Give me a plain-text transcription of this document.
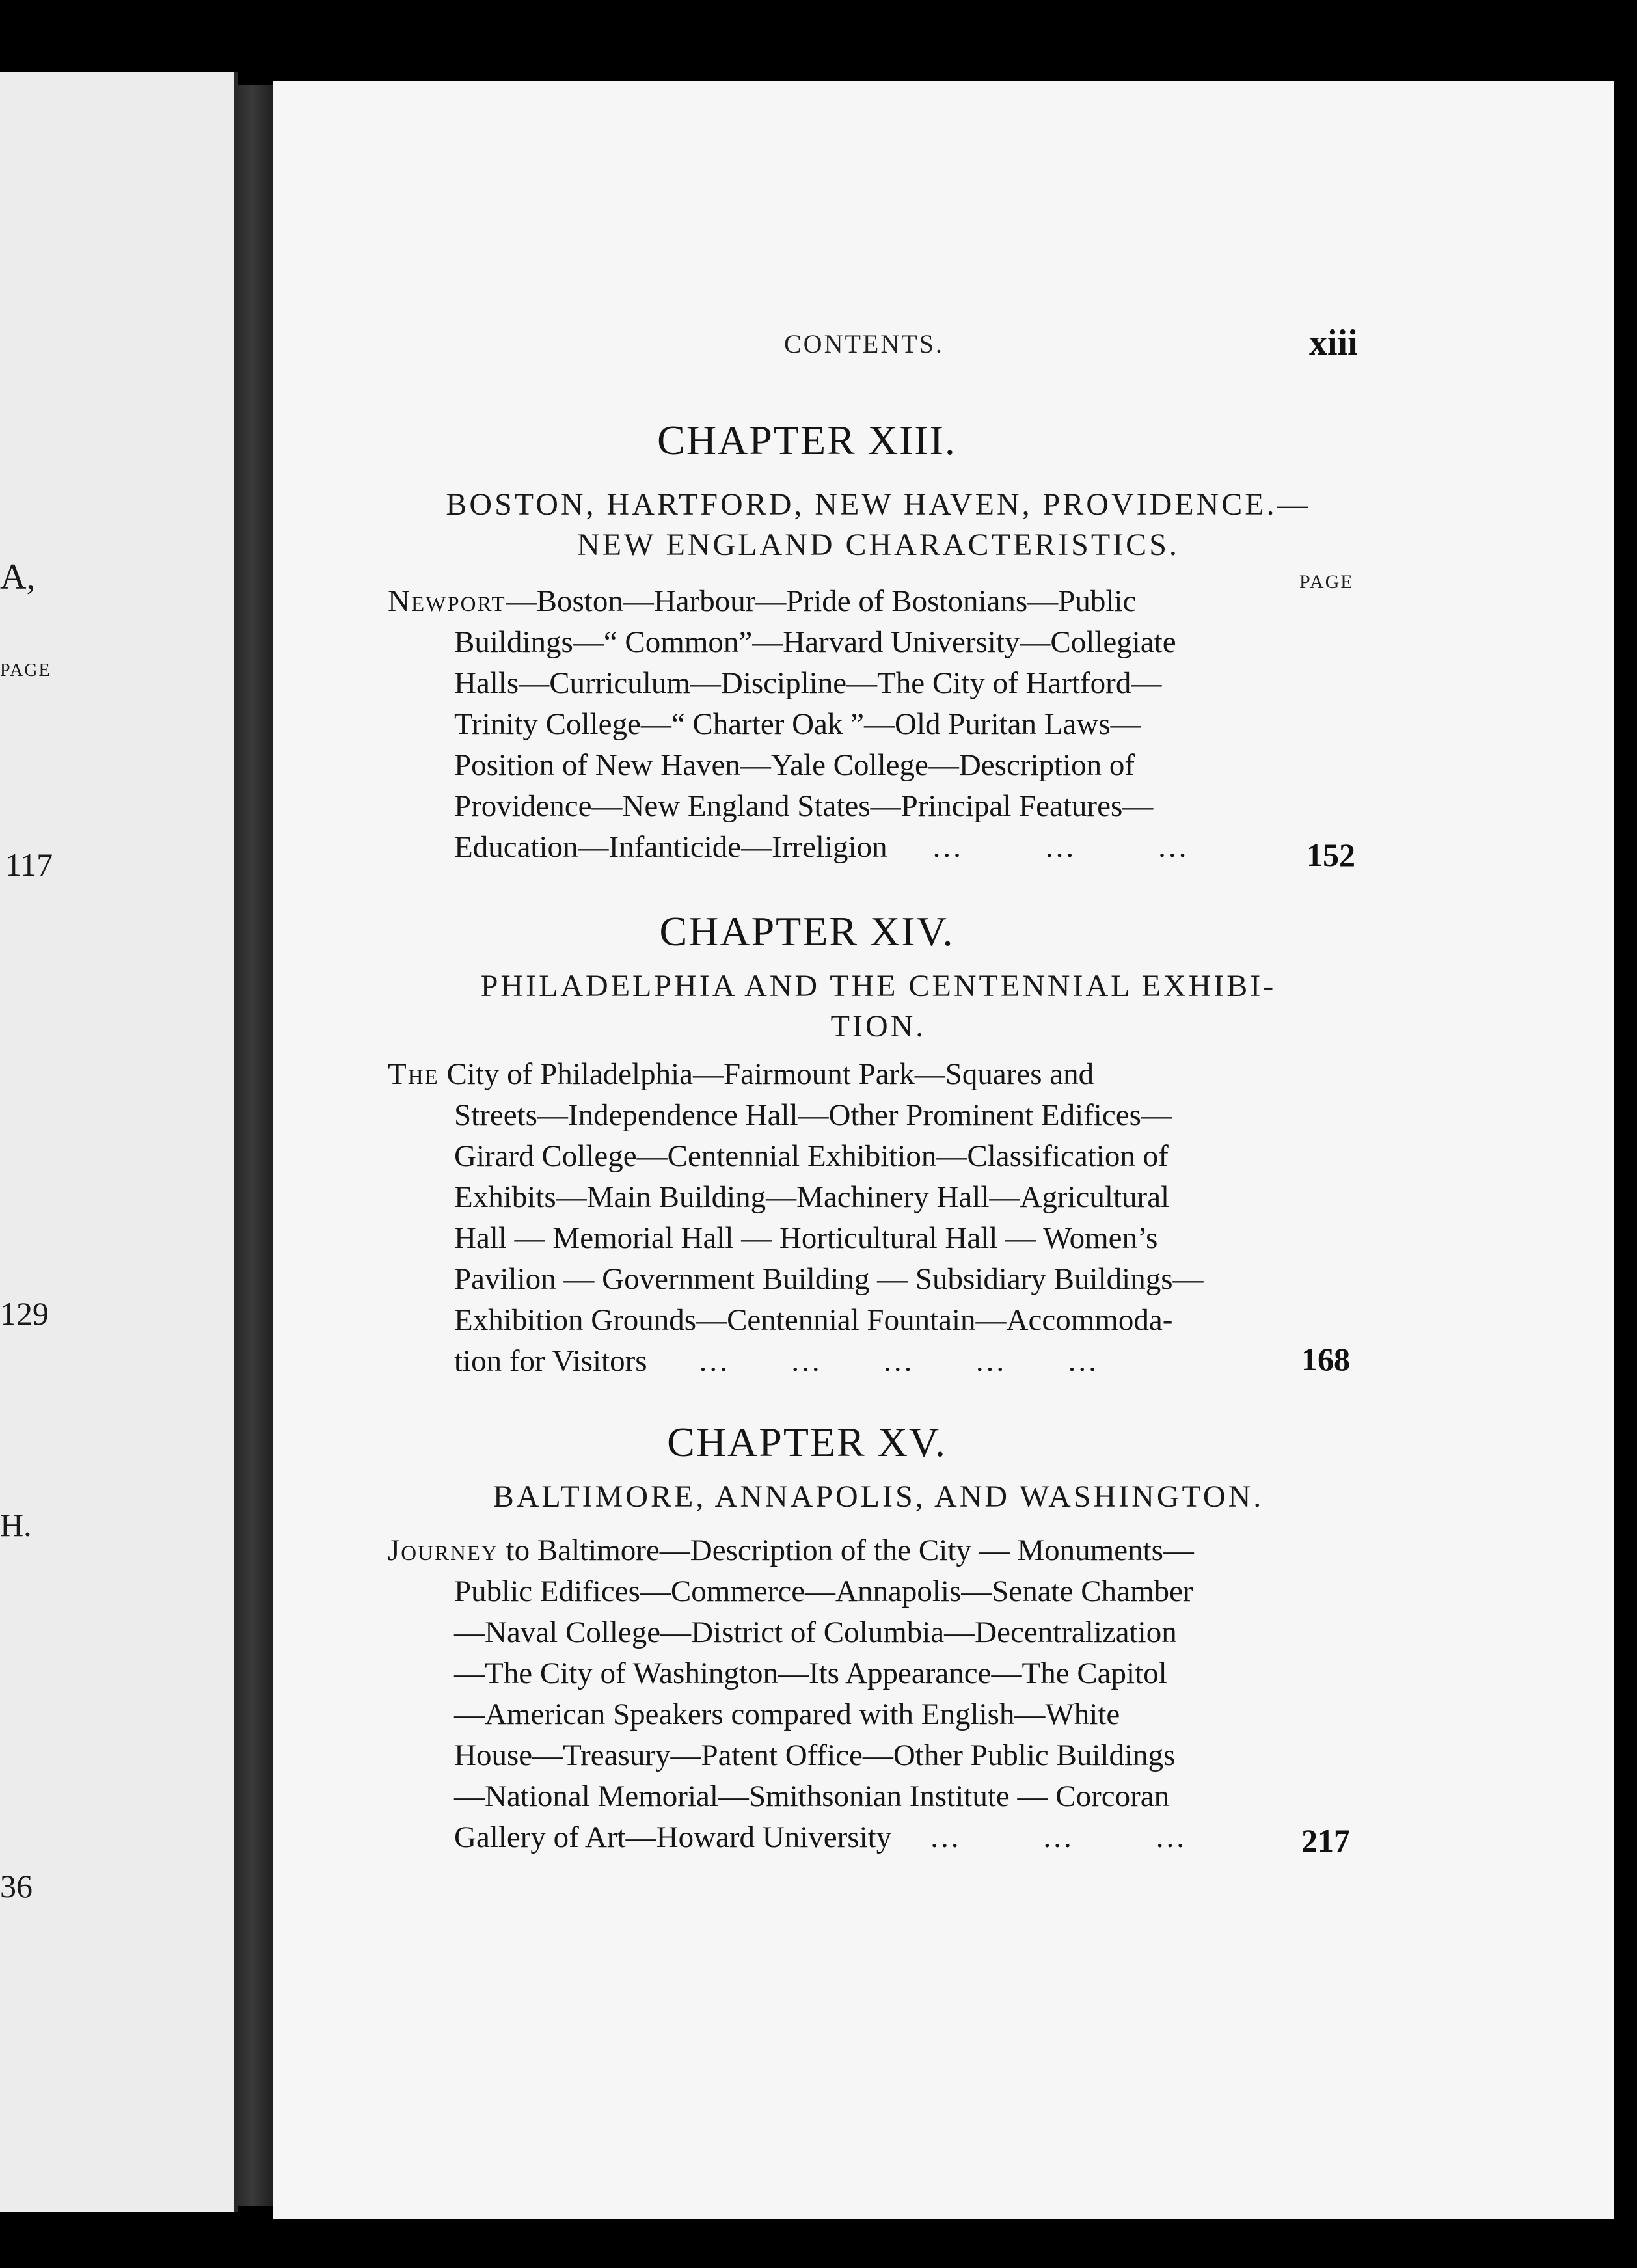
A,
PAGE
117
129
H.
36
CONTENTS.	xiii
CHAPTER XIII.
BOSTON, HARTFORD, NEW HAVEN, PROVIDENCE.—
NEW ENGLAND CHARACTERISTICS.
PAGE
Newport—Boston—Harbour—Pride of Bostonians—Public
Buildings—“ Common”—Harvard University—Collegiate
Halls—Curriculum—Discipline—The City of Hartford—
Trinity College—“ Charter Oak ”—Old Puritan Laws—
Position of New Haven—Yale College—Description of
Providence—New England States—Principal Features—
Education—Infanticide—Irreligion ...        ...        ...	152
CHAPTER XIV.
PHILADELPHIA AND THE CENTENNIAL EXHIBI-
TION.
The City of Philadelphia—Fairmount Park—Squares and
Streets—Independence Hall—Other Prominent Edifices—
Girard College—Centennial Exhibition—Classification of
Exhibits—Main Building—Machinery Hall—Agricultural
Hall — Memorial Hall — Horticultural Hall — Women’s
Pavilion — Government Building — Subsidiary Buildings—
Exhibition Grounds—Centennial Fountain—Accommoda-
tion for Visitors ...      ...      ...      ...      ...	168
CHAPTER XV.
BALTIMORE, ANNAPOLIS, AND WASHINGTON.
Journey to Baltimore—Description of the City — Monuments—
Public Edifices—Commerce—Annapolis—Senate Chamber
—Naval College—District of Columbia—Decentralization
—The City of Washington—Its Appearance—The Capitol
—American Speakers compared with English—White
House—Treasury—Patent Office—Other Public Buildings
—National Memorial—Smithsonian Institute — Corcoran
Gallery of Art—Howard University ...        ...        ...	217
